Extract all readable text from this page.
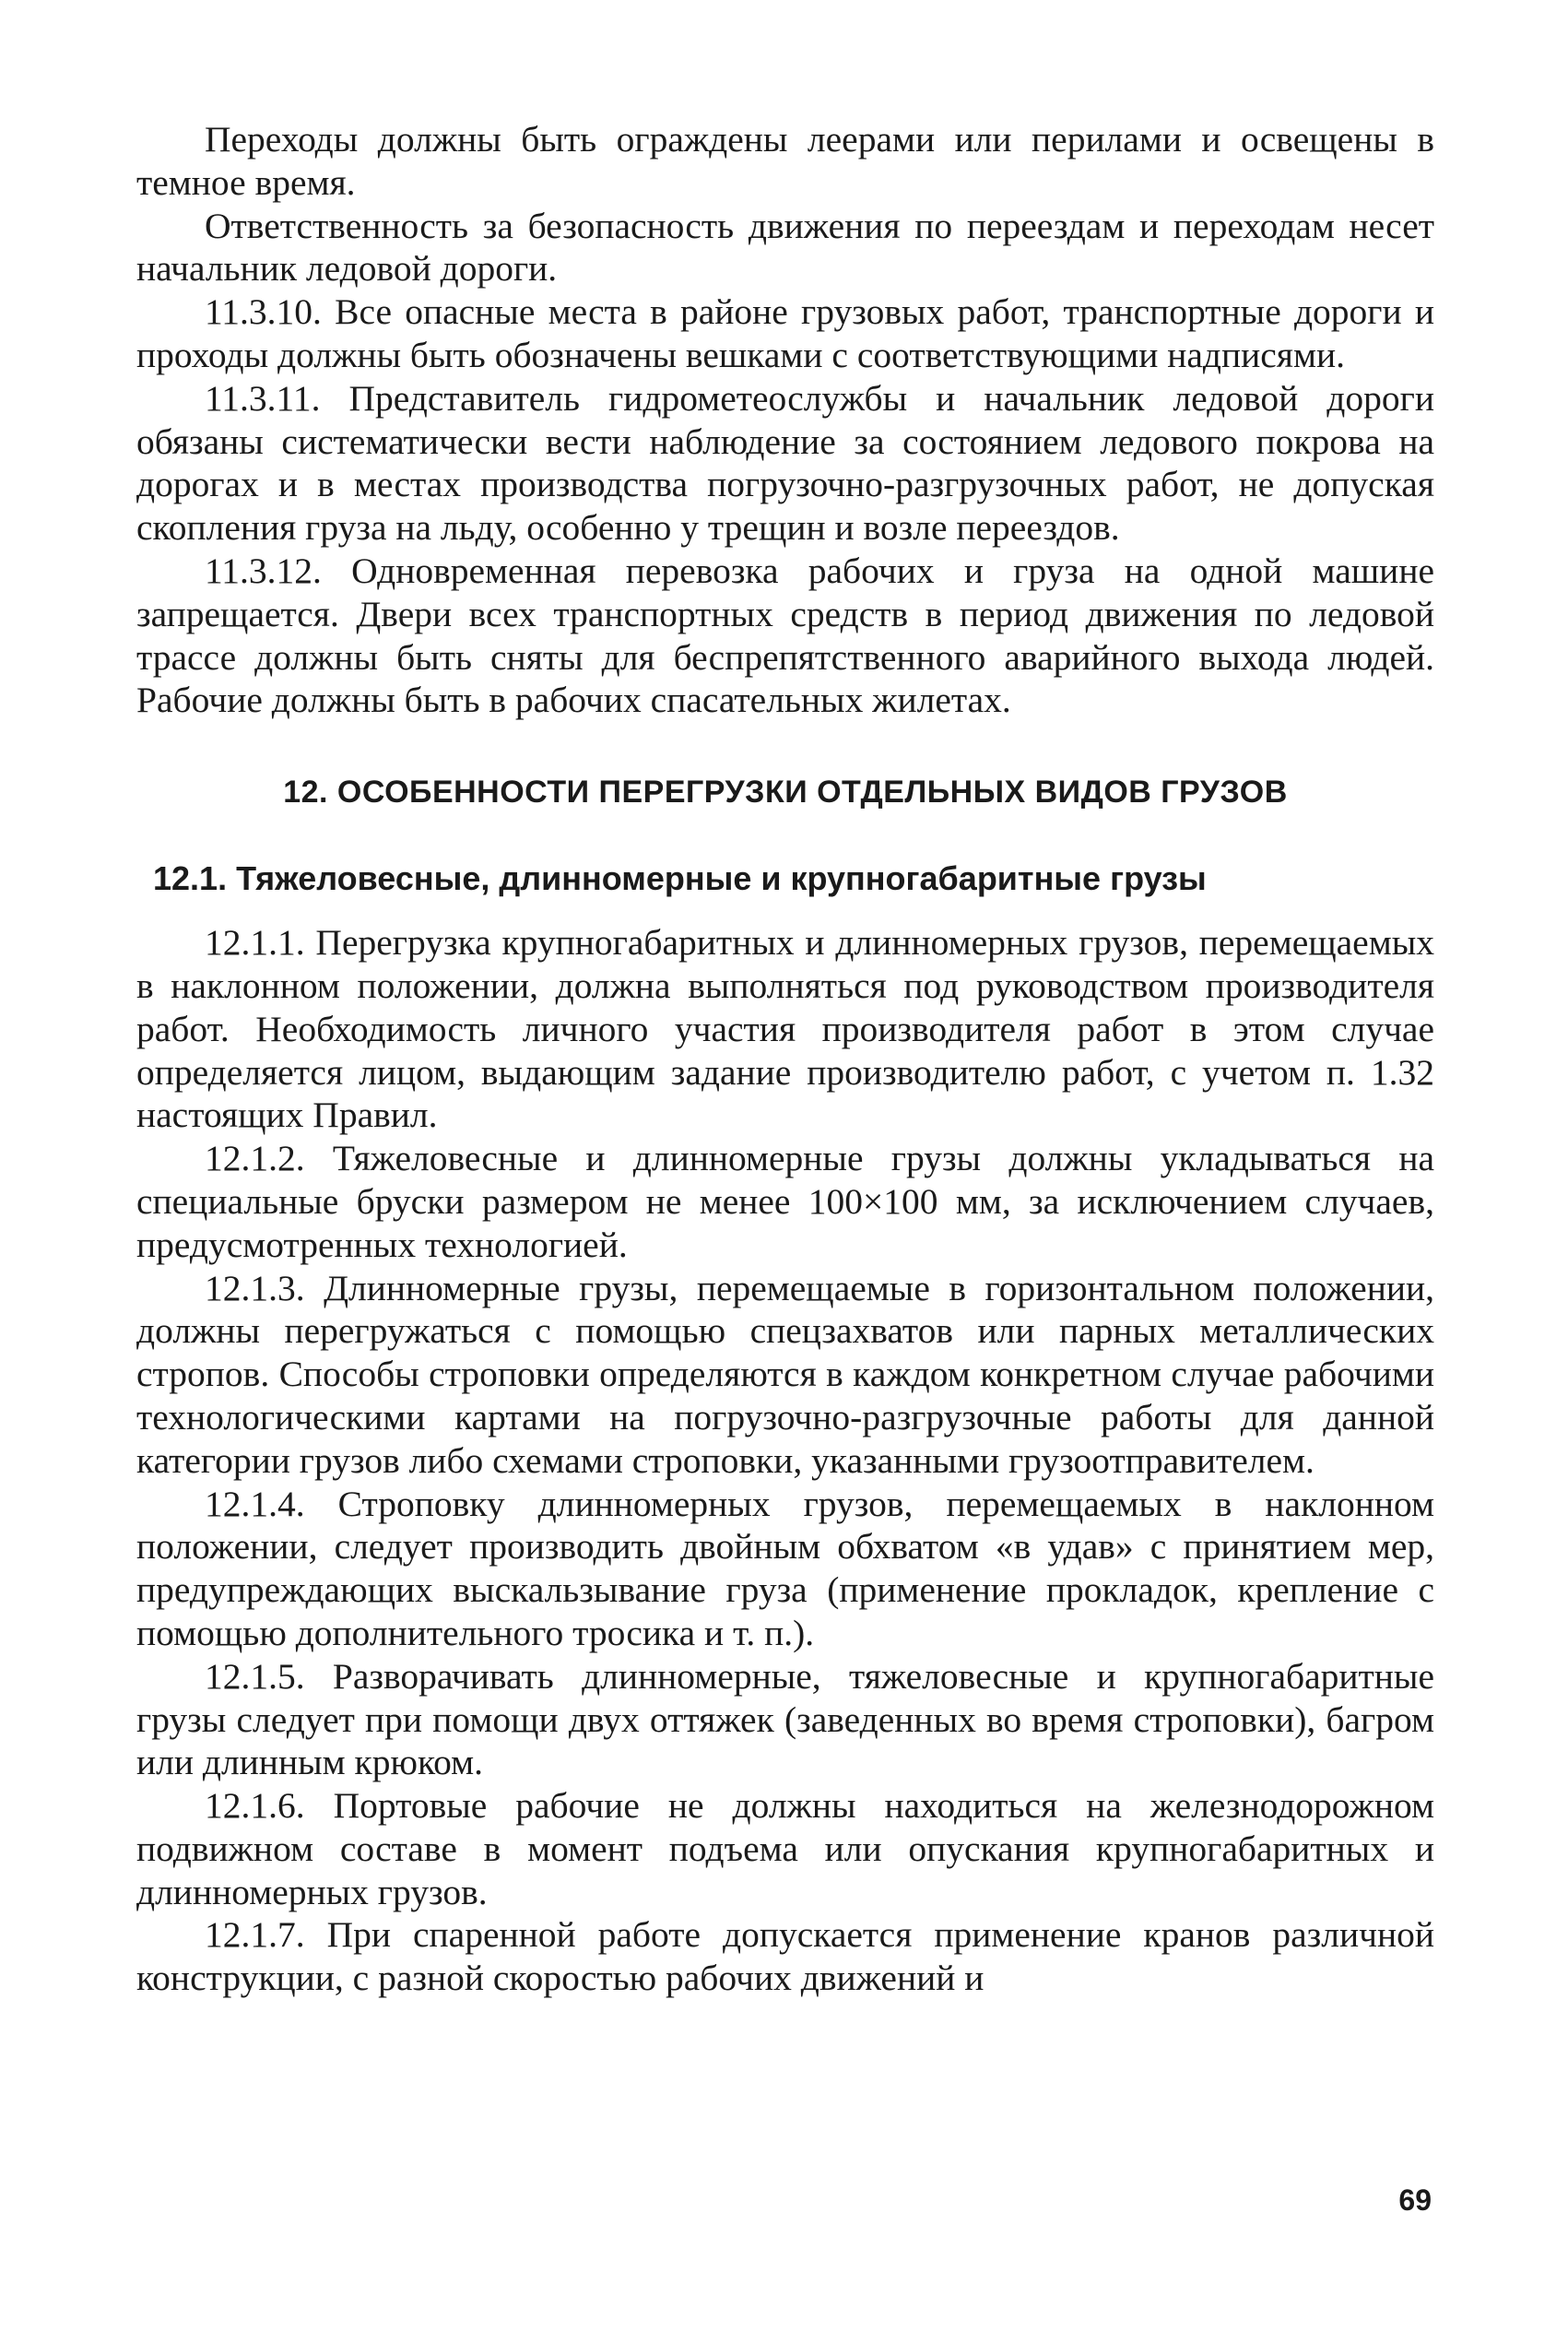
Переходы должны быть ограждены леерами или перилами и освещены в темное время.

Ответственность за безопасность движения по переездам и переходам несет начальник ледовой дороги.

11.3.10. Все опасные места в районе грузовых работ, транспортные дороги и проходы должны быть обозначены вешками с соответствующими надписями.

11.3.11. Представитель гидрометеослужбы и начальник ледовой дороги обязаны систематически вести наблюдение за состоянием ледового покрова на дорогах и в местах производства погрузочно-разгрузочных работ, не допуская скопления груза на льду, особенно у трещин и возле переездов.

11.3.12. Одновременная перевозка рабочих и груза на одной машине запрещается. Двери всех транспортных средств в период движения по ледовой трассе должны быть сняты для беспрепятственного аварийного выхода людей. Рабочие должны быть в рабочих спасательных жилетах.

12. ОСОБЕННОСТИ ПЕРЕГРУЗКИ ОТДЕЛЬНЫХ ВИДОВ ГРУЗОВ
12.1. Тяжеловесные, длинномерные и крупногабаритные грузы

12.1.1. Перегрузка крупногабаритных и длинномерных грузов, перемещаемых в наклонном положении, должна выполняться под руководством производителя работ. Необходимость личного участия производителя работ в этом случае определяется лицом, выдающим задание производителю работ, с учетом п. 1.32 настоящих Правил.

12.1.2. Тяжеловесные и длинномерные грузы должны укладываться на специальные бруски размером не менее 100×100 мм, за исключением случаев, предусмотренных технологией.

12.1.3. Длинномерные грузы, перемещаемые в горизонтальном положении, должны перегружаться с помощью спецзахватов или парных металлических стропов. Способы строповки определяются в каждом конкретном случае рабочими технологическими картами на погрузочно-разгрузочные работы для данной категории грузов либо схемами строповки, указанными грузоотправителем.

12.1.4. Строповку длинномерных грузов, перемещаемых в наклонном положении, следует производить двойным обхватом «в удав» с принятием мер, предупреждающих выскальзывание груза (применение прокладок, крепление с помощью дополнительного тросика и т. п.).

12.1.5. Разворачивать длинномерные, тяжеловесные и крупногабаритные грузы следует при помощи двух оттяжек (заведенных во время строповки), багром или длинным крюком.

12.1.6. Портовые рабочие не должны находиться на железнодорожном подвижном составе в момент подъема или опускания крупногабаритных и длинномерных грузов.

12.1.7. При спаренной работе допускается применение кранов различной конструкции, с разной скоростью рабочих движений и

69
